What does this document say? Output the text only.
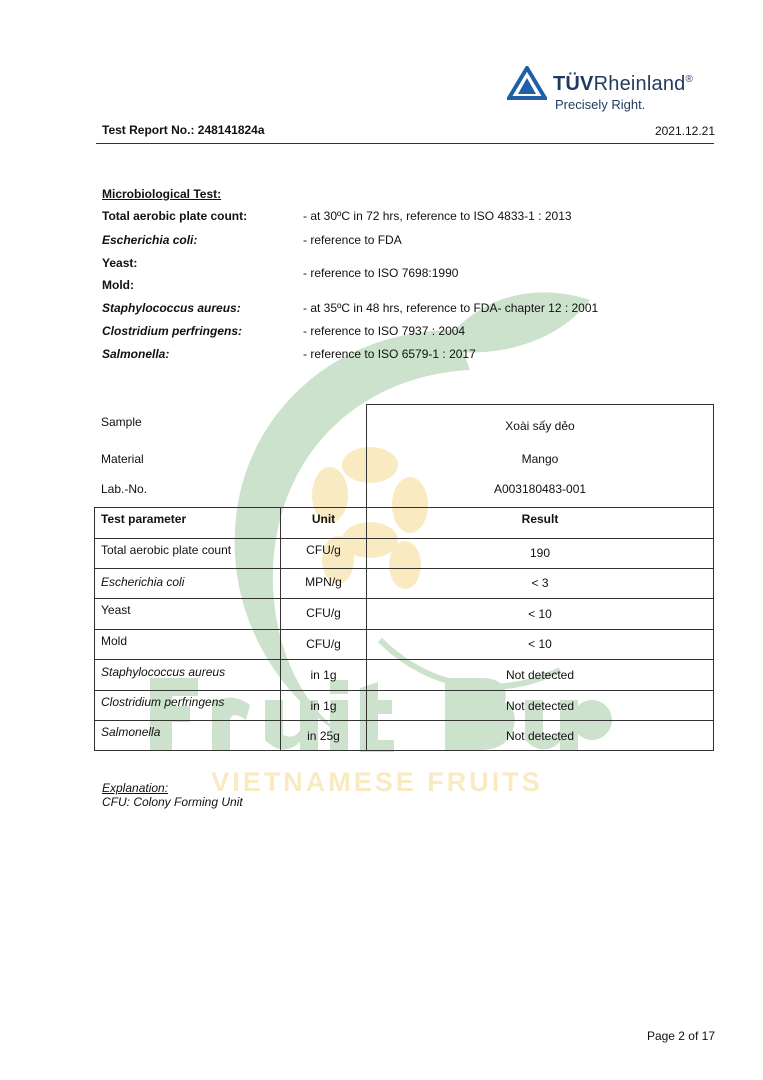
VIETNAMESE FRUITS
TÜVRheinland®
Precisely Right.
Test Report No.: 248141824a	2021.12.21
Microbiological Test:
Total aerobic plate count:	- at 30ºC in 72 hrs, reference to ISO 4833-1 : 2013
Escherichia coli:	- reference to FDA
Yeast:
Mold:
- reference to ISO 7698:1990
Staphylococcus aureus:	- at 35ºC in 48 hrs, reference to FDA- chapter 12 : 2001
Clostridium perfringens:	- reference to ISO 7937 : 2004
Salmonella:	- reference to ISO 6579-1 : 2017
Sample	Xoài sấy dẻo
Material	Mango
Lab.-No.	A003180483-001
Test parameter	Unit	Result
Total aerobic plate count	CFU/g	190
Escherichia coli	MPN/g	< 3
Yeast	CFU/g	< 10
Mold	CFU/g	< 10
Staphylococcus aureus	in 1g	Not detected
Clostridium perfringens	in 1g	Not detected
Salmonella	in 25g	Not detected
Explanation:
CFU: Colony Forming Unit
Page 2 of 17
